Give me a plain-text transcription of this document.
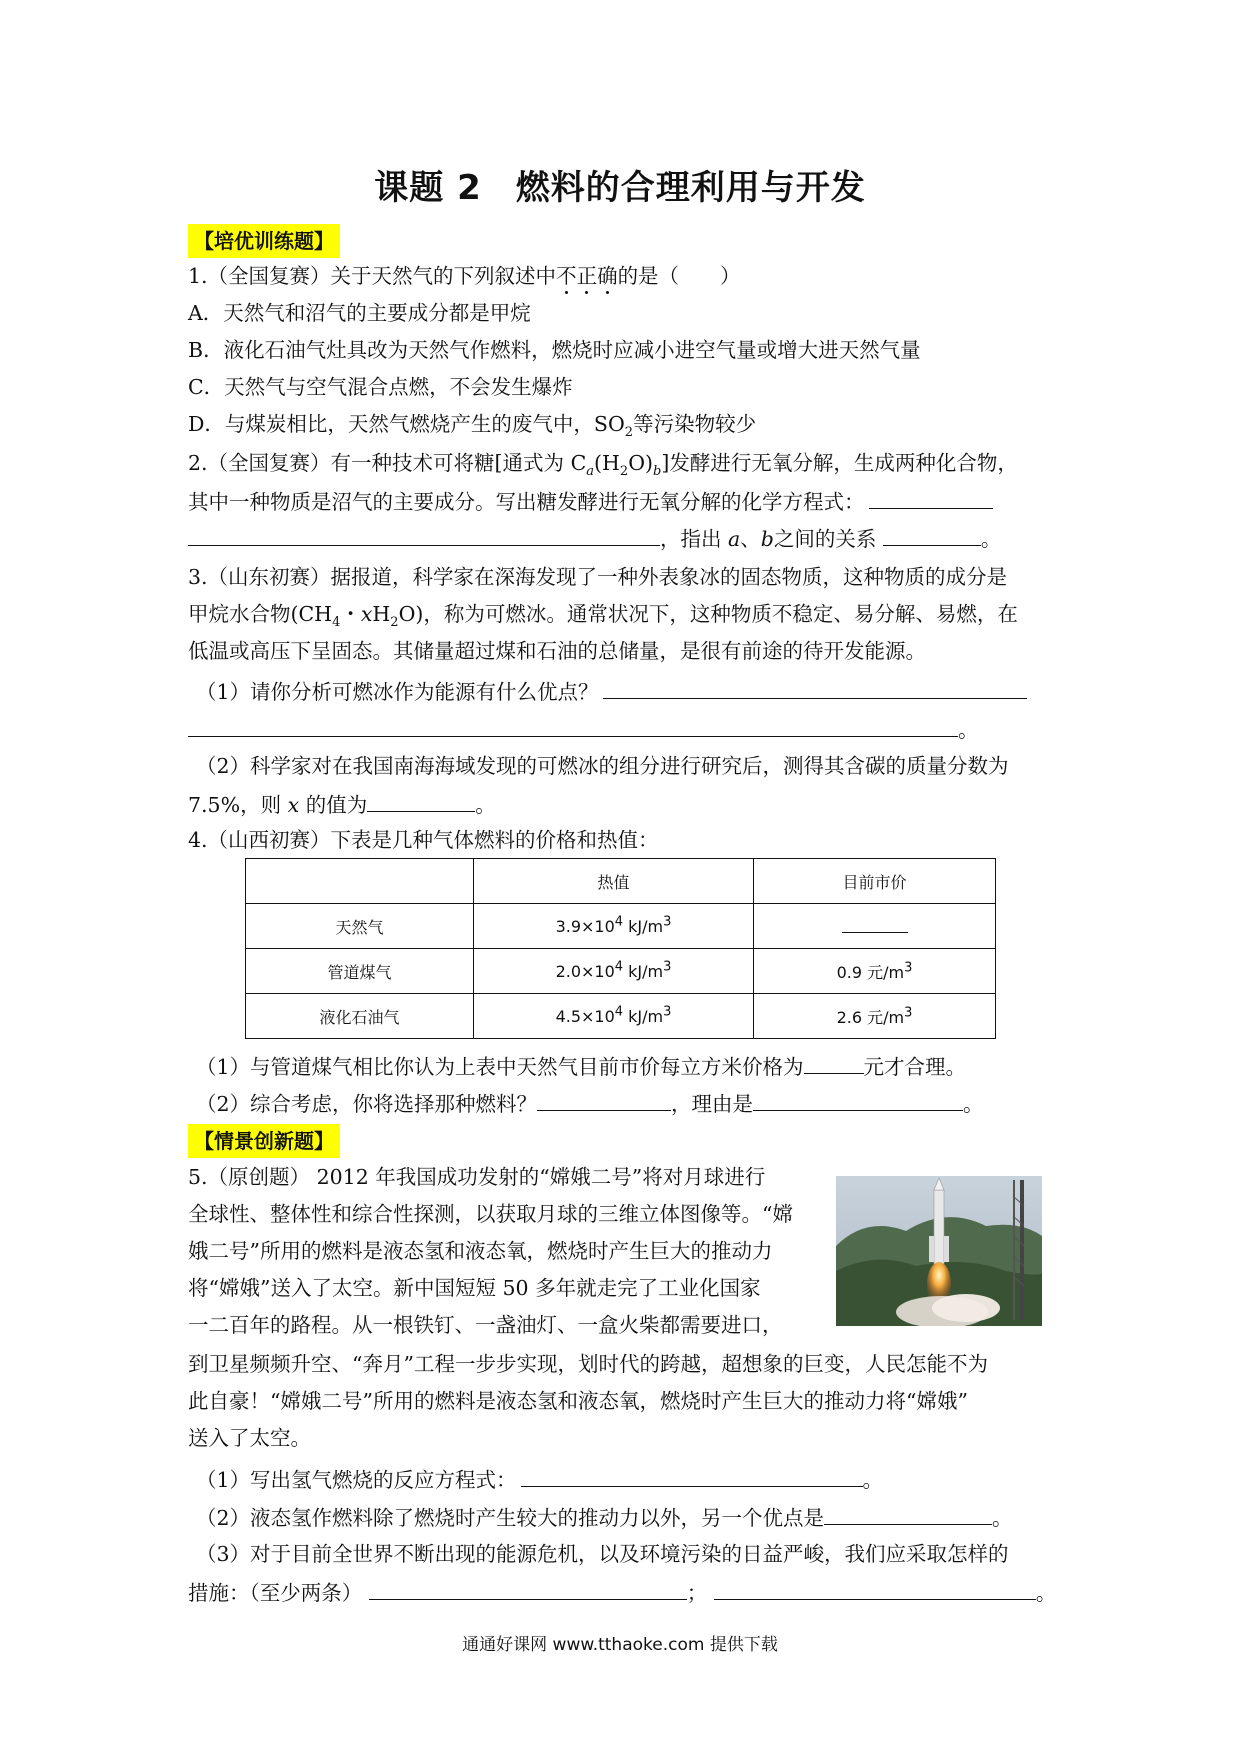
课题 2 燃料的合理利用与开发
【培优训练题】
1.（全国复赛）关于天然气的下列叙述中不正确的是（　　）
A．天然气和沼气的主要成分都是甲烷
B．液化石油气灶具改为天然气作燃料，燃烧时应减小进空气量或增大进天然气量
C．天然气与空气混合点燃，不会发生爆炸
D．与煤炭相比，天然气燃烧产生的废气中，$SO_2$等污染物较少
2.（全国复赛）有一种技术可将糖[通式为 $C_a(H_2O)_b$]发酵进行无氧分解，生成两种化合物，
其中一种物质是沼气的主要成分。写出糖发酵进行无氧分解的化学方程式：
，指出 a、b之间的关系	。
3.（山东初赛）据报道，科学家在深海发现了一种外表象冰的固态物质，这种物质的成分是
甲烷水合物($CH_4$・$xH_2O$)，称为可燃冰。通常状况下，这种物质不稳定、易分解、易燃，在
低温或高压下呈固态。其储量超过煤和石油的总储量，是很有前途的待开发能源。
（1）请你分析可燃冰作为能源有什么优点？
。
（2）科学家对在我国南海海域发现的可燃冰的组分进行研究后，测得其含碳的质量分数为
7.5%，则 x 的值为	。
4.（山西初赛）下表是几种气体燃料的价格和热值：
	热值	目前市价
天然气	$3.9\times 10^4$ $kJ/m^3$	
管道煤气	$2.0\times 10^4$ $kJ/m^3$	0.9 元$/m^3$
液化石油气	$4.5\times 10^4$ $kJ/m^3$	2.6 元$/m^3$
（1）与管道煤气相比你认为上表中天然气目前市价每立方米价格为	元才合理。
（2）综合考虑，你将选择那种燃料？	，理由是	。
【情景创新题】
5.（原创题） 2012 年我国成功发射的“嫦娥二号”将对月球进行
全球性、整体性和综合性探测，以获取月球的三维立体图像等。“嫦
娥二号”所用的燃料是液态氢和液态氧，燃烧时产生巨大的推动力
将“嫦娥”送入了太空。新中国短短 50 多年就走完了工业化国家
一二百年的路程。从一根铁钉、一盏油灯、一盒火柴都需要进口，
到卫星频频升空、“奔月”工程一步步实现，划时代的跨越，超想象的巨变，人民怎能不为
此自豪！“嫦娥二号”所用的燃料是液态氢和液态氧，燃烧时产生巨大的推动力将“嫦娥”
送入了太空。
（1）写出氢气燃烧的反应方程式：	。
（2）液态氢作燃料除了燃烧时产生较大的推动力以外，另一个优点是	。
（3）对于目前全世界不断出现的能源危机，以及环境污染的日益严峻，我们应采取怎样的
措施：（至少两条）	；	。
通通好课网 www.tthaoke.com 提供下载
